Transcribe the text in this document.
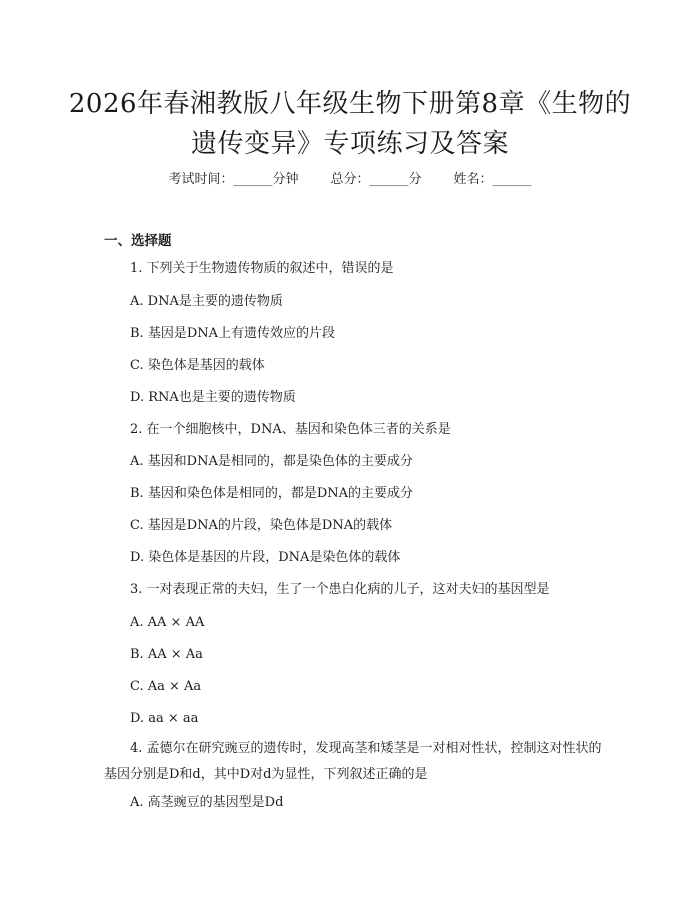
2026年春湘教版八年级生物下册第8章《生物的遗传变异》专项练习及答案
考试时间：______分钟 总分：______分 姓名：______
一、选择题
1. 下列关于生物遗传物质的叙述中，错误的是
A. DNA是主要的遗传物质
B. 基因是DNA上有遗传效应的片段
C. 染色体是基因的载体
D. RNA也是主要的遗传物质
2. 在一个细胞核中，DNA、基因和染色体三者的关系是
A. 基因和DNA是相同的，都是染色体的主要成分
B. 基因和染色体是相同的，都是DNA的主要成分
C. 基因是DNA的片段，染色体是DNA的载体
D. 染色体是基因的片段，DNA是染色体的载体
3. 一对表现正常的夫妇，生了一个患白化病的儿子，这对夫妇的基因型是
A. AA × AA
B. AA × Aa
C. Aa × Aa
D. aa × aa
4. 孟德尔在研究豌豆的遗传时，发现高茎和矮茎是一对相对性状，控制这对性状的基因分别是D和d，其中D对d为显性，下列叙述正确的是
A. 高茎豌豆的基因型是Dd
